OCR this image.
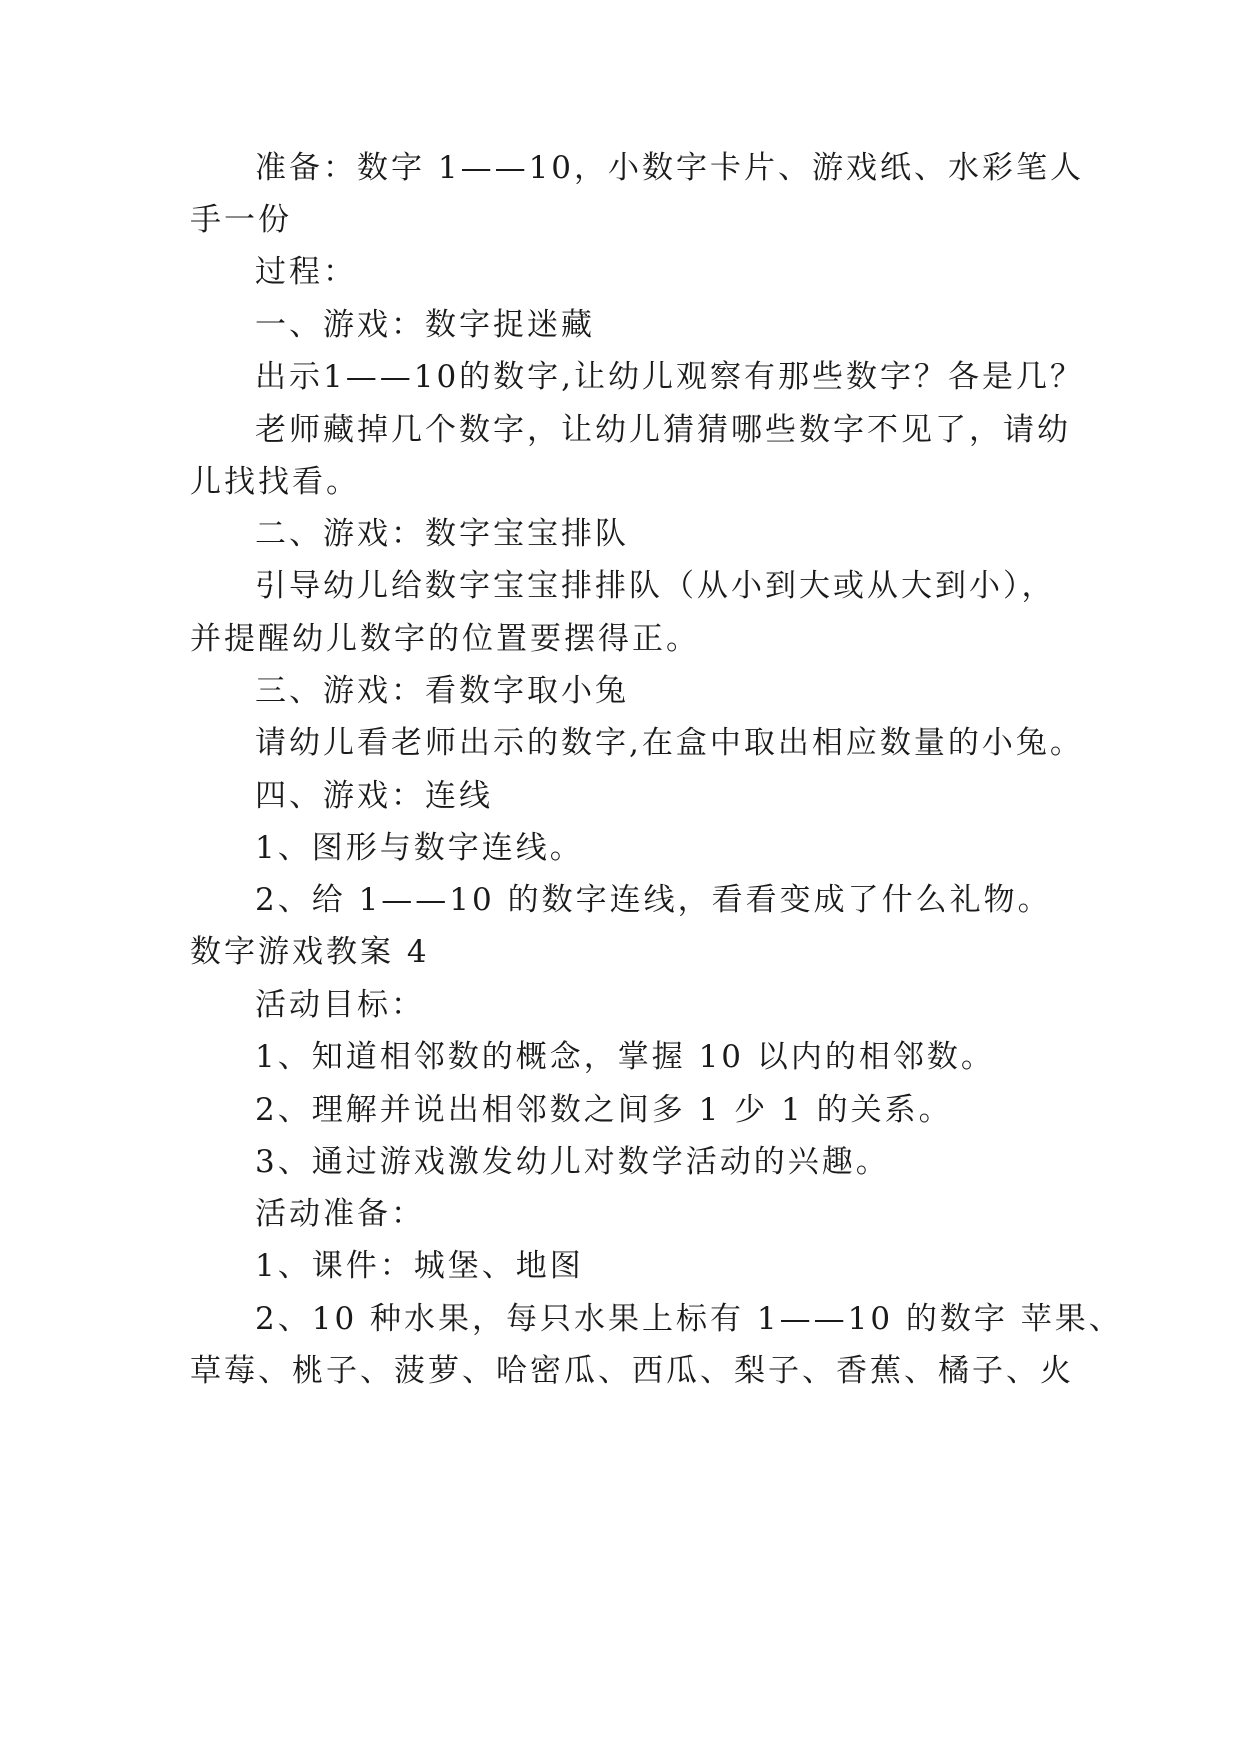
准备：数字 1——10，小数字卡片、游戏纸、水彩笔人
手一份
过程：
一、游戏：数字捉迷藏
出示1——10的数字,让幼儿观察有那些数字？各是几？
老师藏掉几个数字，让幼儿猜猜哪些数字不见了，请幼
儿找找看。
二、游戏：数字宝宝排队
引导幼儿给数字宝宝排排队（从小到大或从大到小），
并提醒幼儿数字的位置要摆得正。
三、游戏：看数字取小兔
请幼儿看老师出示的数字,在盒中取出相应数量的小兔。
四、游戏：连线
1、图形与数字连线。
2、给 1——10 的数字连线，看看变成了什么礼物。
数字游戏教案 4
活动目标：
1、知道相邻数的概念，掌握 10 以内的相邻数。
2、理解并说出相邻数之间多 1 少 1 的关系。
3、通过游戏激发幼儿对数学活动的兴趣。
活动准备：
1、课件：城堡、地图
2、10 种水果，每只水果上标有 1——10 的数字 苹果、
草莓、桃子、菠萝、哈密瓜、西瓜、梨子、香蕉、橘子、火
